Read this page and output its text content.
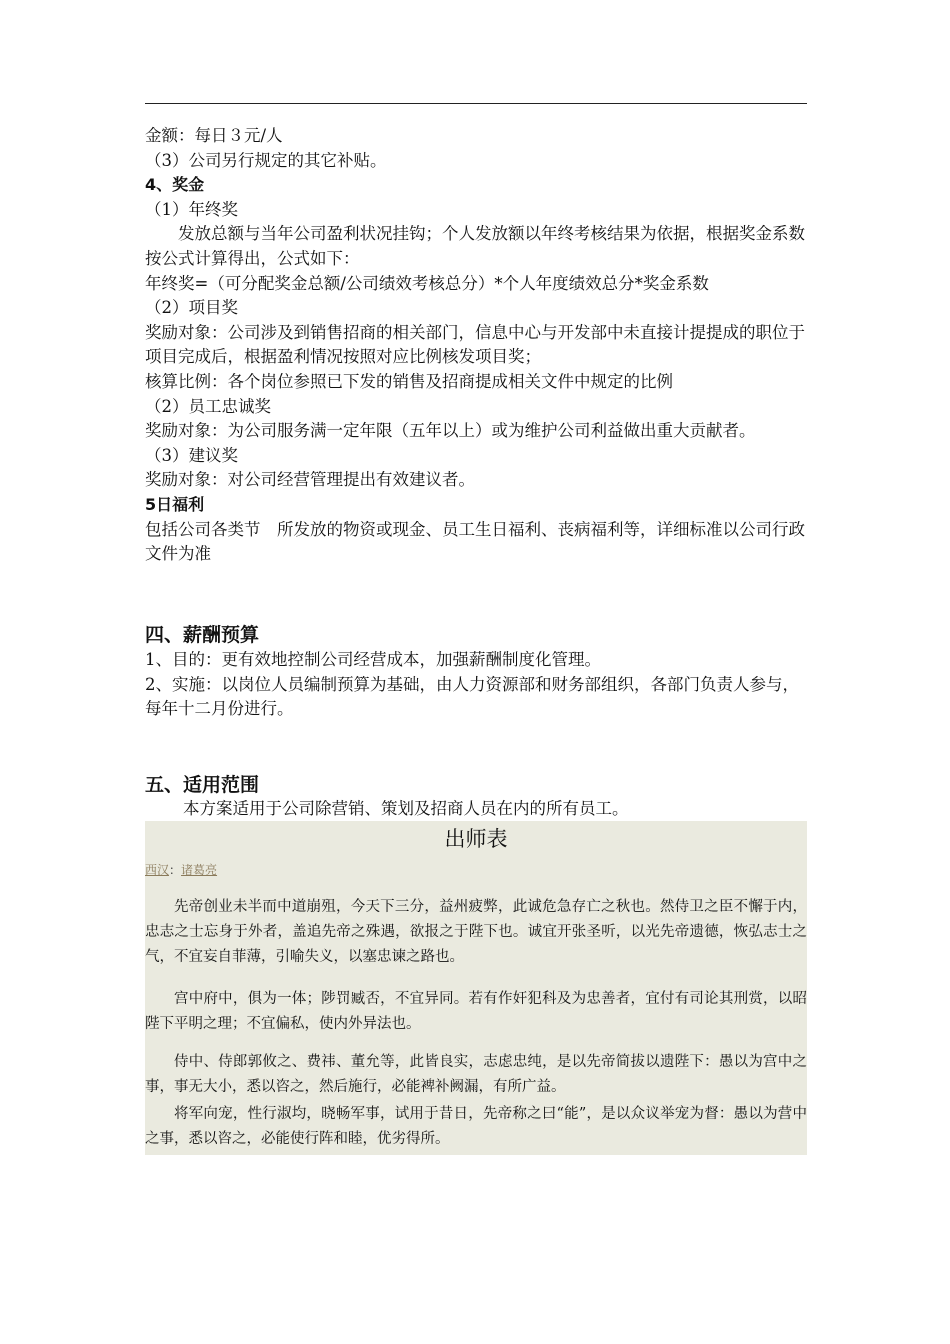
金额：每日３元/人

（3）公司另行规定的其它补贴。

4、奖金

（1）年终奖

发放总额与当年公司盈利状况挂钩；个人发放额以年终考核结果为依据，根据奖金系数按公式计算得出，公式如下：

年终奖=（可分配奖金总额/公司绩效考核总分）*个人年度绩效总分*奖金系数

（2）项目奖

奖励对象：公司涉及到销售招商的相关部门，信息中心与开发部中未直接计提提成的职位于项目完成后，根据盈利情况按照对应比例核发项目奖；

核算比例：各个岗位参照已下发的销售及招商提成相关文件中规定的比例

（2）员工忠诚奖

奖励对象：为公司服务满一定年限（五年以上）或为维护公司利益做出重大贡献者。

（3）建议奖

奖励对象：对公司经营管理提出有效建议者。

5日福利

包括公司各类节　所发放的物资或现金、员工生日福利、丧病福利等，详细标准以公司行政文件为准

四、薪酬预算

1、目的：更有效地控制公司经营成本，加强薪酬制度化管理。

2、实施：以岗位人员编制预算为基础，由人力资源部和财务部组织，各部门负责人参与，每年十二月份进行。

五、适用范围

本方案适用于公司除营销、策划及招商人员在内的所有员工。

出师表
西汉：诸葛亮

先帝创业未半而中道崩殂，今天下三分，益州疲弊，此诚危急存亡之秋也。然侍卫之臣不懈于内，忠志之士忘身于外者，盖追先帝之殊遇，欲报之于陛下也。诚宜开张圣听，以光先帝遗德，恢弘志士之气，不宜妄自菲薄，引喻失义，以塞忠谏之路也。

宫中府中，俱为一体；陟罚臧否，不宜异同。若有作奸犯科及为忠善者，宜付有司论其刑赏，以昭陛下平明之理；不宜偏私，使内外异法也。

侍中、侍郎郭攸之、费祎、董允等，此皆良实，志虑忠纯，是以先帝简拔以遗陛下：愚以为宫中之事，事无大小，悉以咨之，然后施行，必能裨补阙漏，有所广益。

将军向宠，性行淑均，晓畅军事，试用于昔日，先帝称之曰“能”，是以众议举宠为督：愚以为营中之事，悉以咨之，必能使行阵和睦，优劣得所。
